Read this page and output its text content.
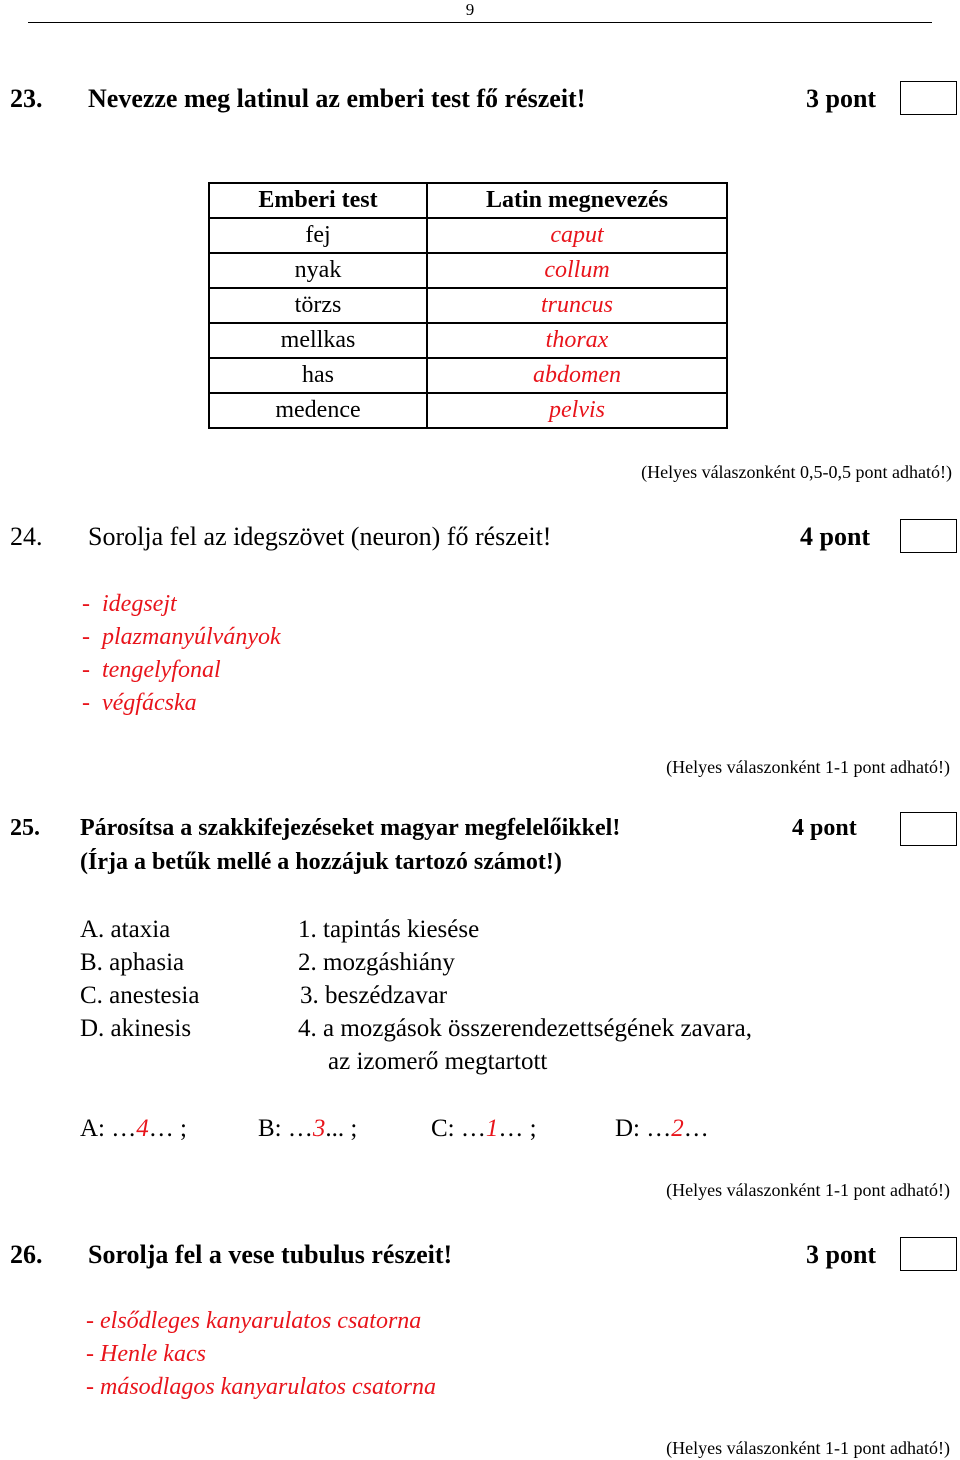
9
23. Nevezze meg latinul az emberi test fő részeit!	3 pont
Emberi test	Latin megnevezés
fej	caput
nyak	collum
törzs	truncus
mellkas	thorax
has	abdomen
medence	pelvis
(Helyes válaszonként 0,5-0,5 pont adható!)
24. Sorolja fel az idegszövet (neuron) fő részeit!	4 pont
-  idegsejt
-  plazmanyúlványok
-  tengelyfonal
-  végfácska
(Helyes válaszonként 1-1 pont adható!)
25. Párosítsa a szakkifejezéseket magyar megfelelőikkel!	4 pont
(Írja a betűk mellé a hozzájuk tartozó számot!)
A. ataxia
B. aphasia
C. anestesia
D. akinesis
1. tapintás kiesése
2. mozgáshiány
3. beszédzavar
4. a mozgások összerendezettségének zavara,
az izomerő megtartott
A: …4… ;	B: …3... ;	C: …1… ;	D: …2…
(Helyes válaszonként 1-1 pont adható!)
26. Sorolja fel a vese tubulus részeit!	3 pont
- elsődleges kanyarulatos csatorna
- Henle kacs
- másodlagos kanyarulatos csatorna
(Helyes válaszonként 1-1 pont adható!)
